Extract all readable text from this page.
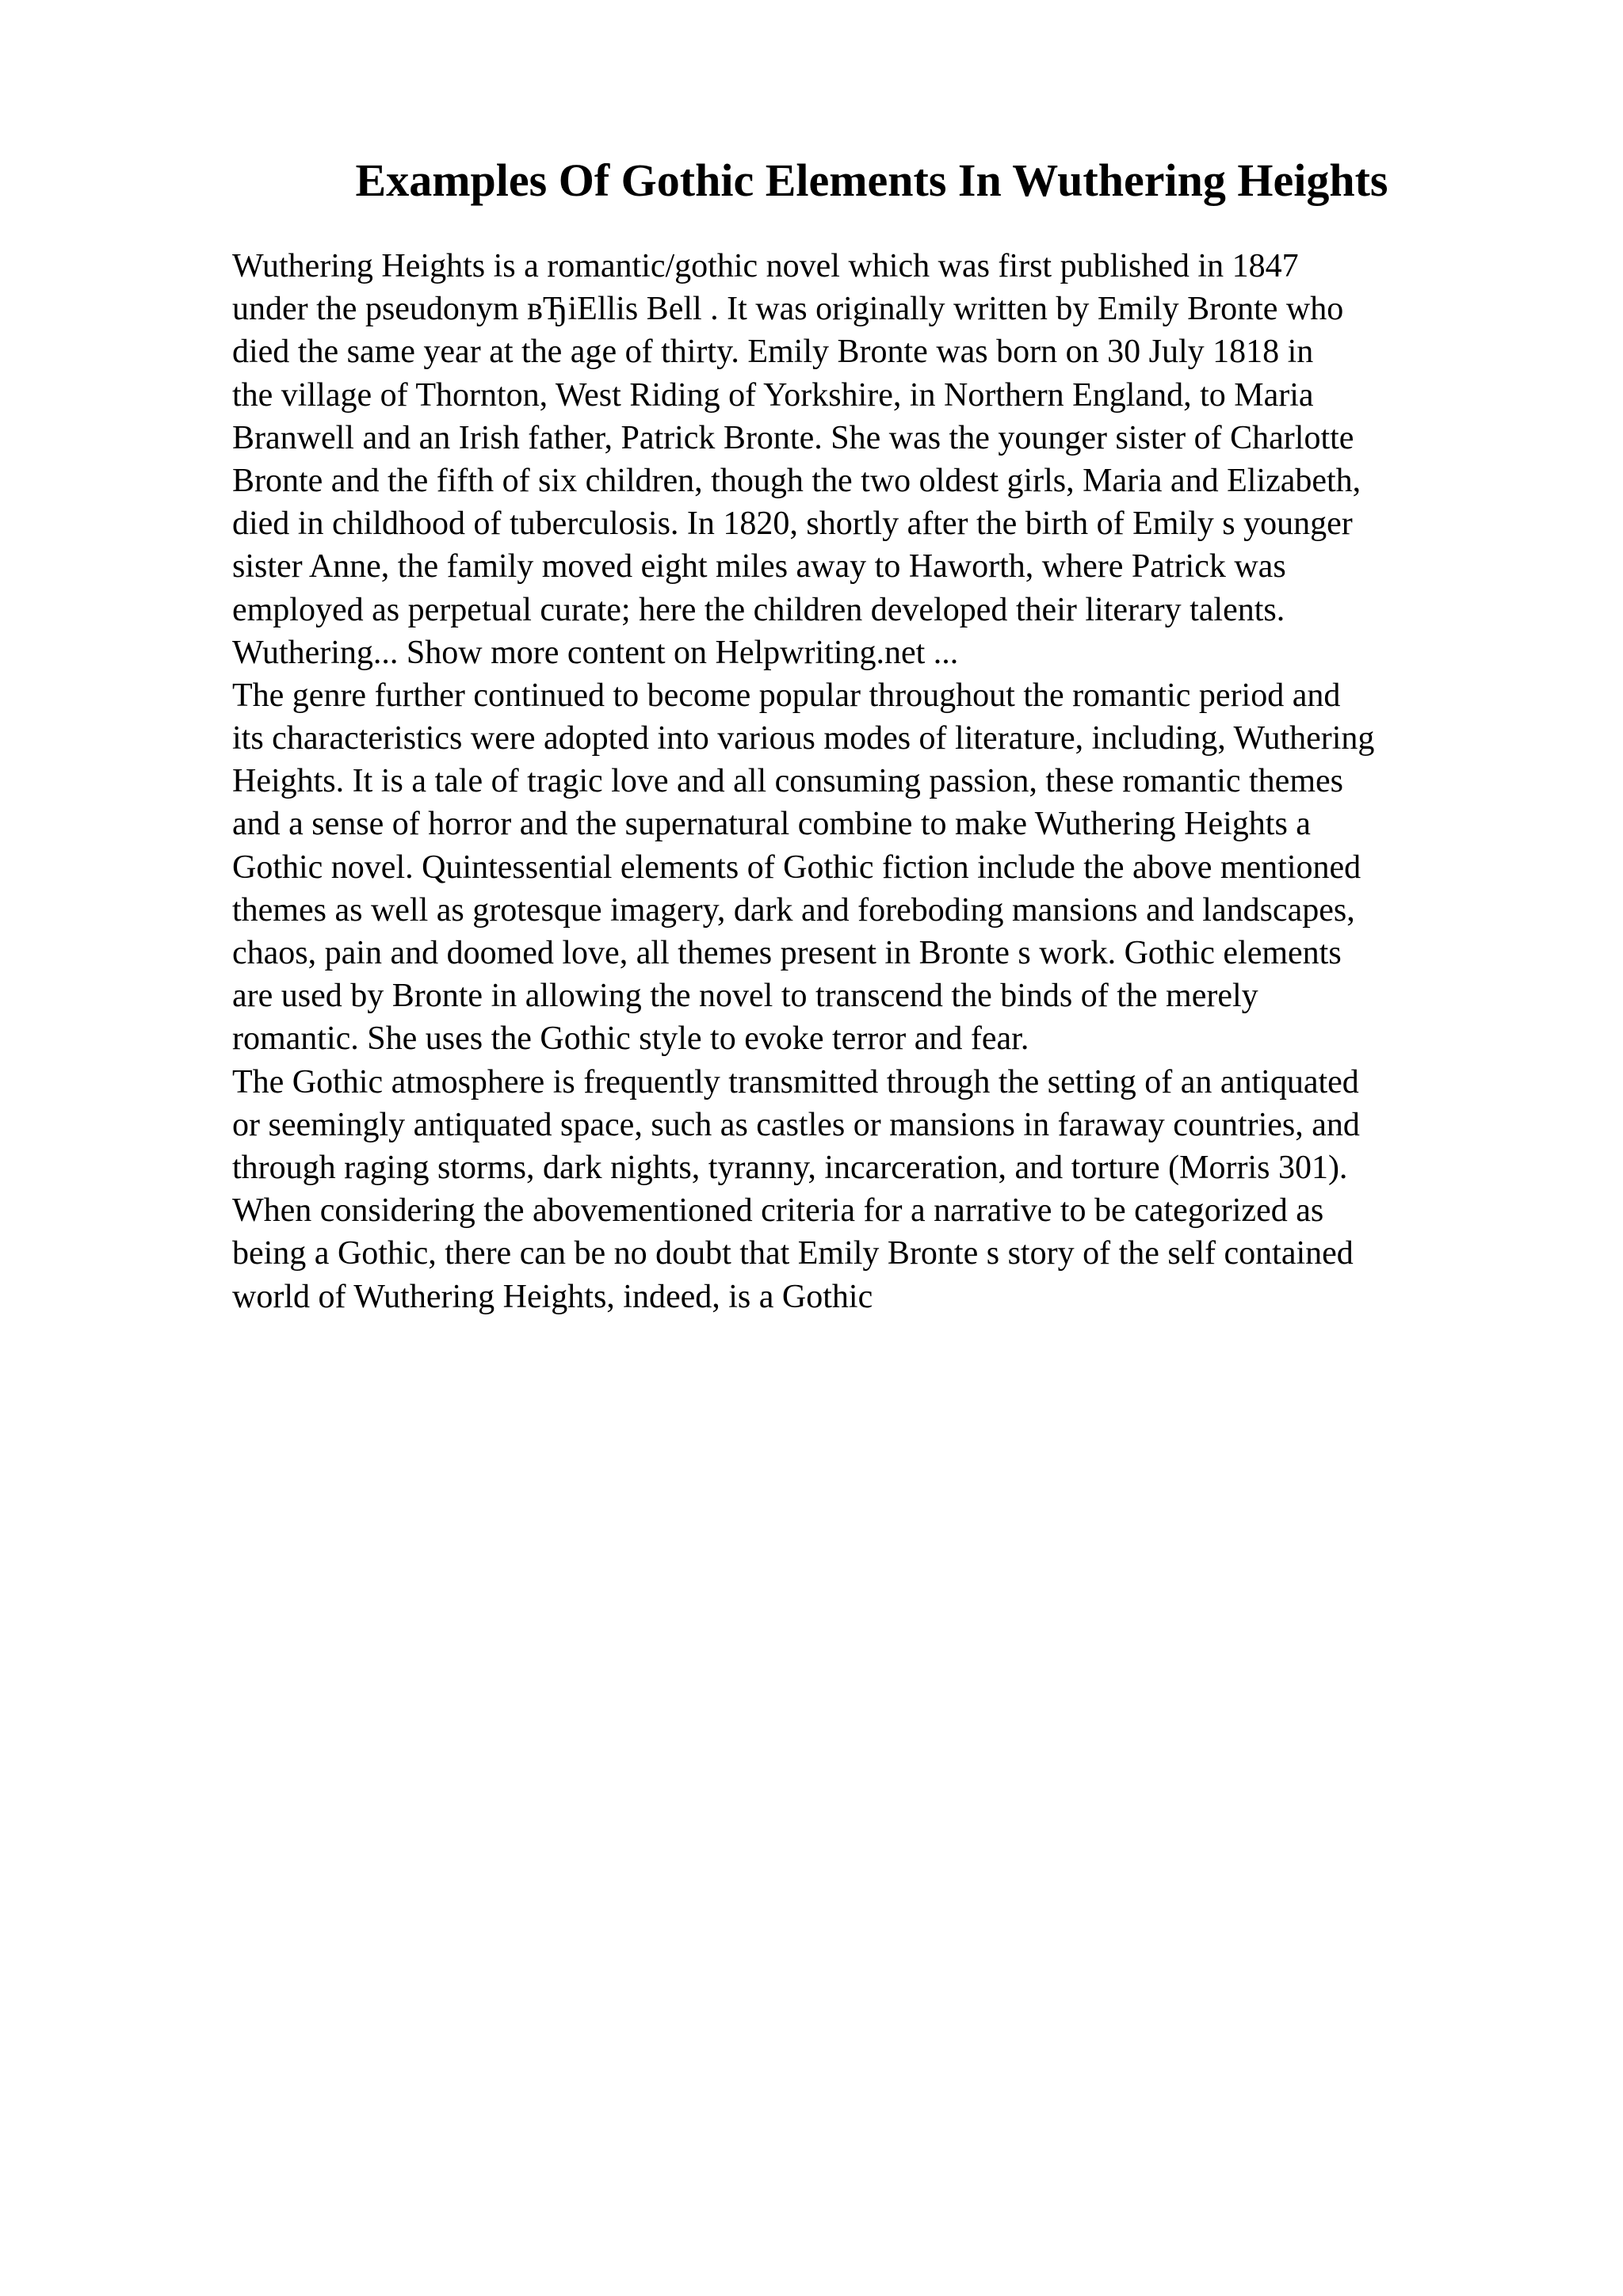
Examples Of Gothic Elements In Wuthering Heights
Wuthering Heights is a romantic/gothic novel which was first published in 1847
under the pseudonym вЂiEllis Bell . It was originally written by Emily Bronte who
died the same year at the age of thirty. Emily Bronte was born on 30 July 1818 in
the village of Thornton, West Riding of Yorkshire, in Northern England, to Maria
Branwell and an Irish father, Patrick Bronte. She was the younger sister of Charlotte
Bronte and the fifth of six children, though the two oldest girls, Maria and Elizabeth,
died in childhood of tuberculosis. In 1820, shortly after the birth of Emily s younger
sister Anne, the family moved eight miles away to Haworth, where Patrick was
employed as perpetual curate; here the children developed their literary talents.
Wuthering... Show more content on Helpwriting.net ...
The genre further continued to become popular throughout the romantic period and
its characteristics were adopted into various modes of literature, including, Wuthering
Heights. It is a tale of tragic love and all consuming passion, these romantic themes
and a sense of horror and the supernatural combine to make Wuthering Heights a
Gothic novel. Quintessential elements of Gothic fiction include the above mentioned
themes as well as grotesque imagery, dark and foreboding mansions and landscapes,
chaos, pain and doomed love, all themes present in Bronte s work. Gothic elements
are used by Bronte in allowing the novel to transcend the binds of the merely
romantic. She uses the Gothic style to evoke terror and fear.
The Gothic atmosphere is frequently transmitted through the setting of an antiquated
or seemingly antiquated space, such as castles or mansions in faraway countries, and
through raging storms, dark nights, tyranny, incarceration, and torture (Morris 301).
When considering the abovementioned criteria for a narrative to be categorized as
being a Gothic, there can be no doubt that Emily Bronte s story of the self contained
world of Wuthering Heights, indeed, is a Gothic
